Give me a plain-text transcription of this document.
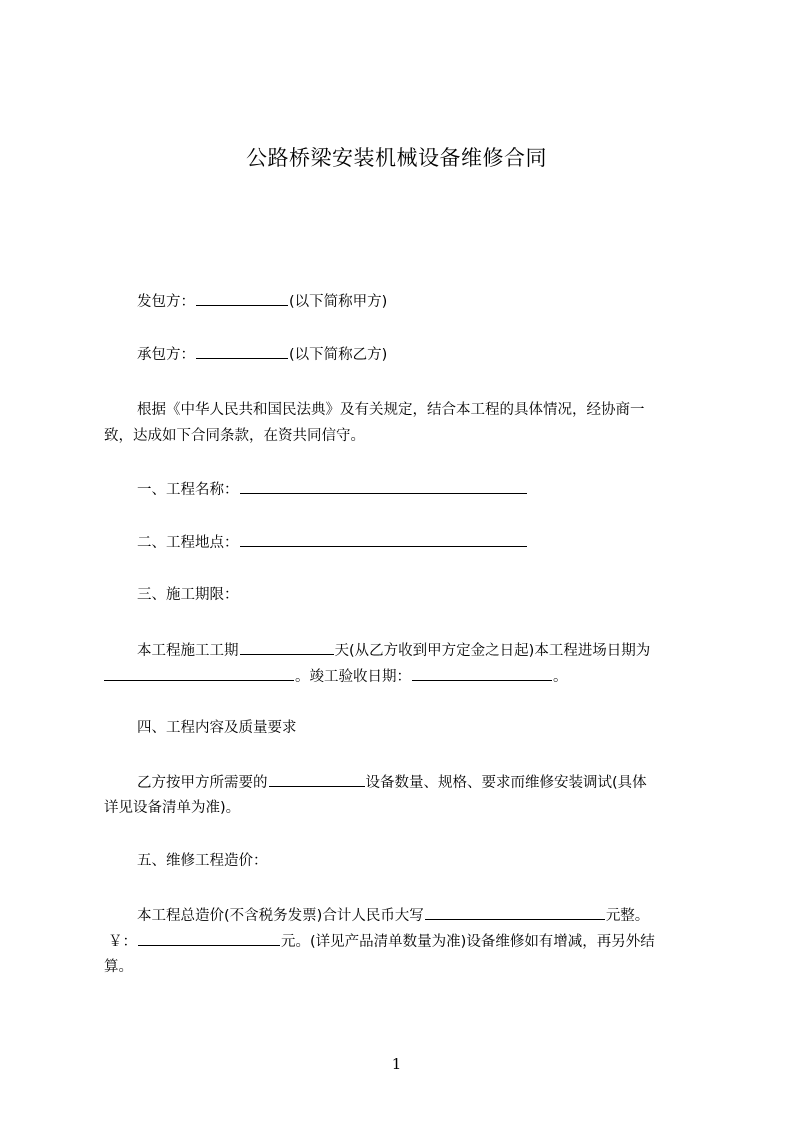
公路桥梁安装机械设备维修合同
发包方：	(以下简称甲方)
承包方：	(以下简称乙方)
根据《中华人民共和国民法典》及有关规定，结合本工程的具体情况，经协商一
致，达成如下合同条款，在资共同信守。
一、工程名称：
二、工程地点：
三、施工期限：
本工程施工工期	天(从乙方收到甲方定金之日起)本工程进场日期为
。竣工验收日期：	。
四、工程内容及质量要求
乙方按甲方所需要的	设备数量、规格、要求而维修安装调试(具体
详见设备清单为准)。
五、维修工程造价：
本工程总造价(不含税务发票)合计人民币大写	元整。
￥：	元。(详见产品清单数量为准)设备维修如有增减，再另外结
算。
1
